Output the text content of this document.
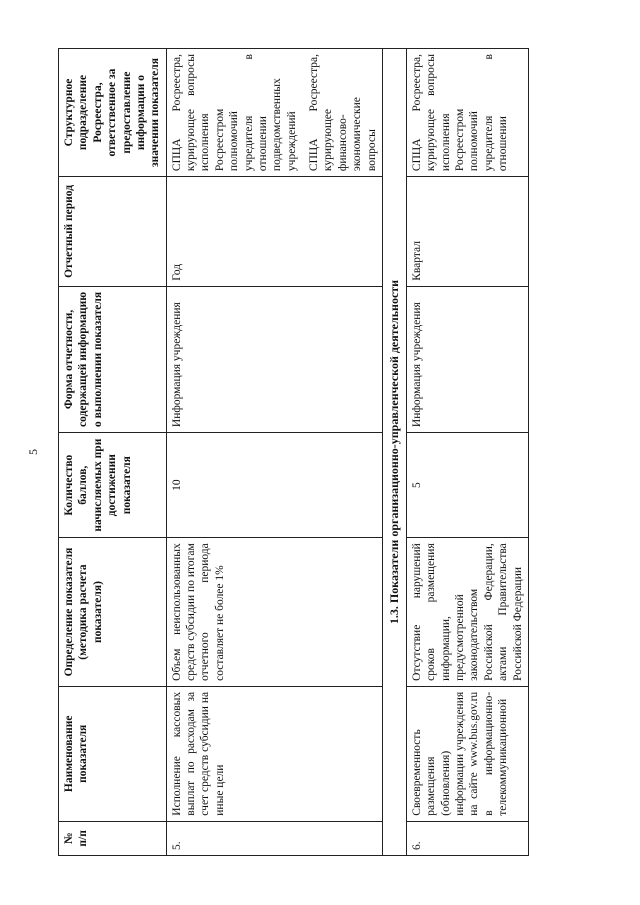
5
№ п/п	Наименование показателя	Определение показателя (методика расчета показателя)	Количество баллов, начисляемых при достижении показателя	Форма отчетности, содержащей информацию о выполнении показателя	Отчетный период	Структурное подразделение Росреестра, ответственное за предоставление информации о значении показателя
5.	Исполнение кассовых выплат по расходам за счет средств субсидии на иные цели	Объем неиспользованных средств субсидии по итогам отчетного периода составляет не более 1%	10	Информация учреждения	Год	СПЦА Росреестра, курирующее вопросы исполнения Росреестром полномочий учредителя в отношении подведомственных учреждений СПЦА Росреестра, курирующее финансово-экономические вопросы

1.3. Показатели организационно-управленческой деятельности						
6.	Своевременность размещения (обновления) информации учреждения на сайте www.bus.gov.ru в информационно-телекоммуникационной	Отсутствие нарушений сроков размещения информации, предусмотренной законодательством Российской Федерации, актами Правительства Российской Федерации	5	Информация учреждения	Квартал	СПЦА Росреестра, курирующее вопросы исполнения Росреестром полномочий учредителя в отношении
